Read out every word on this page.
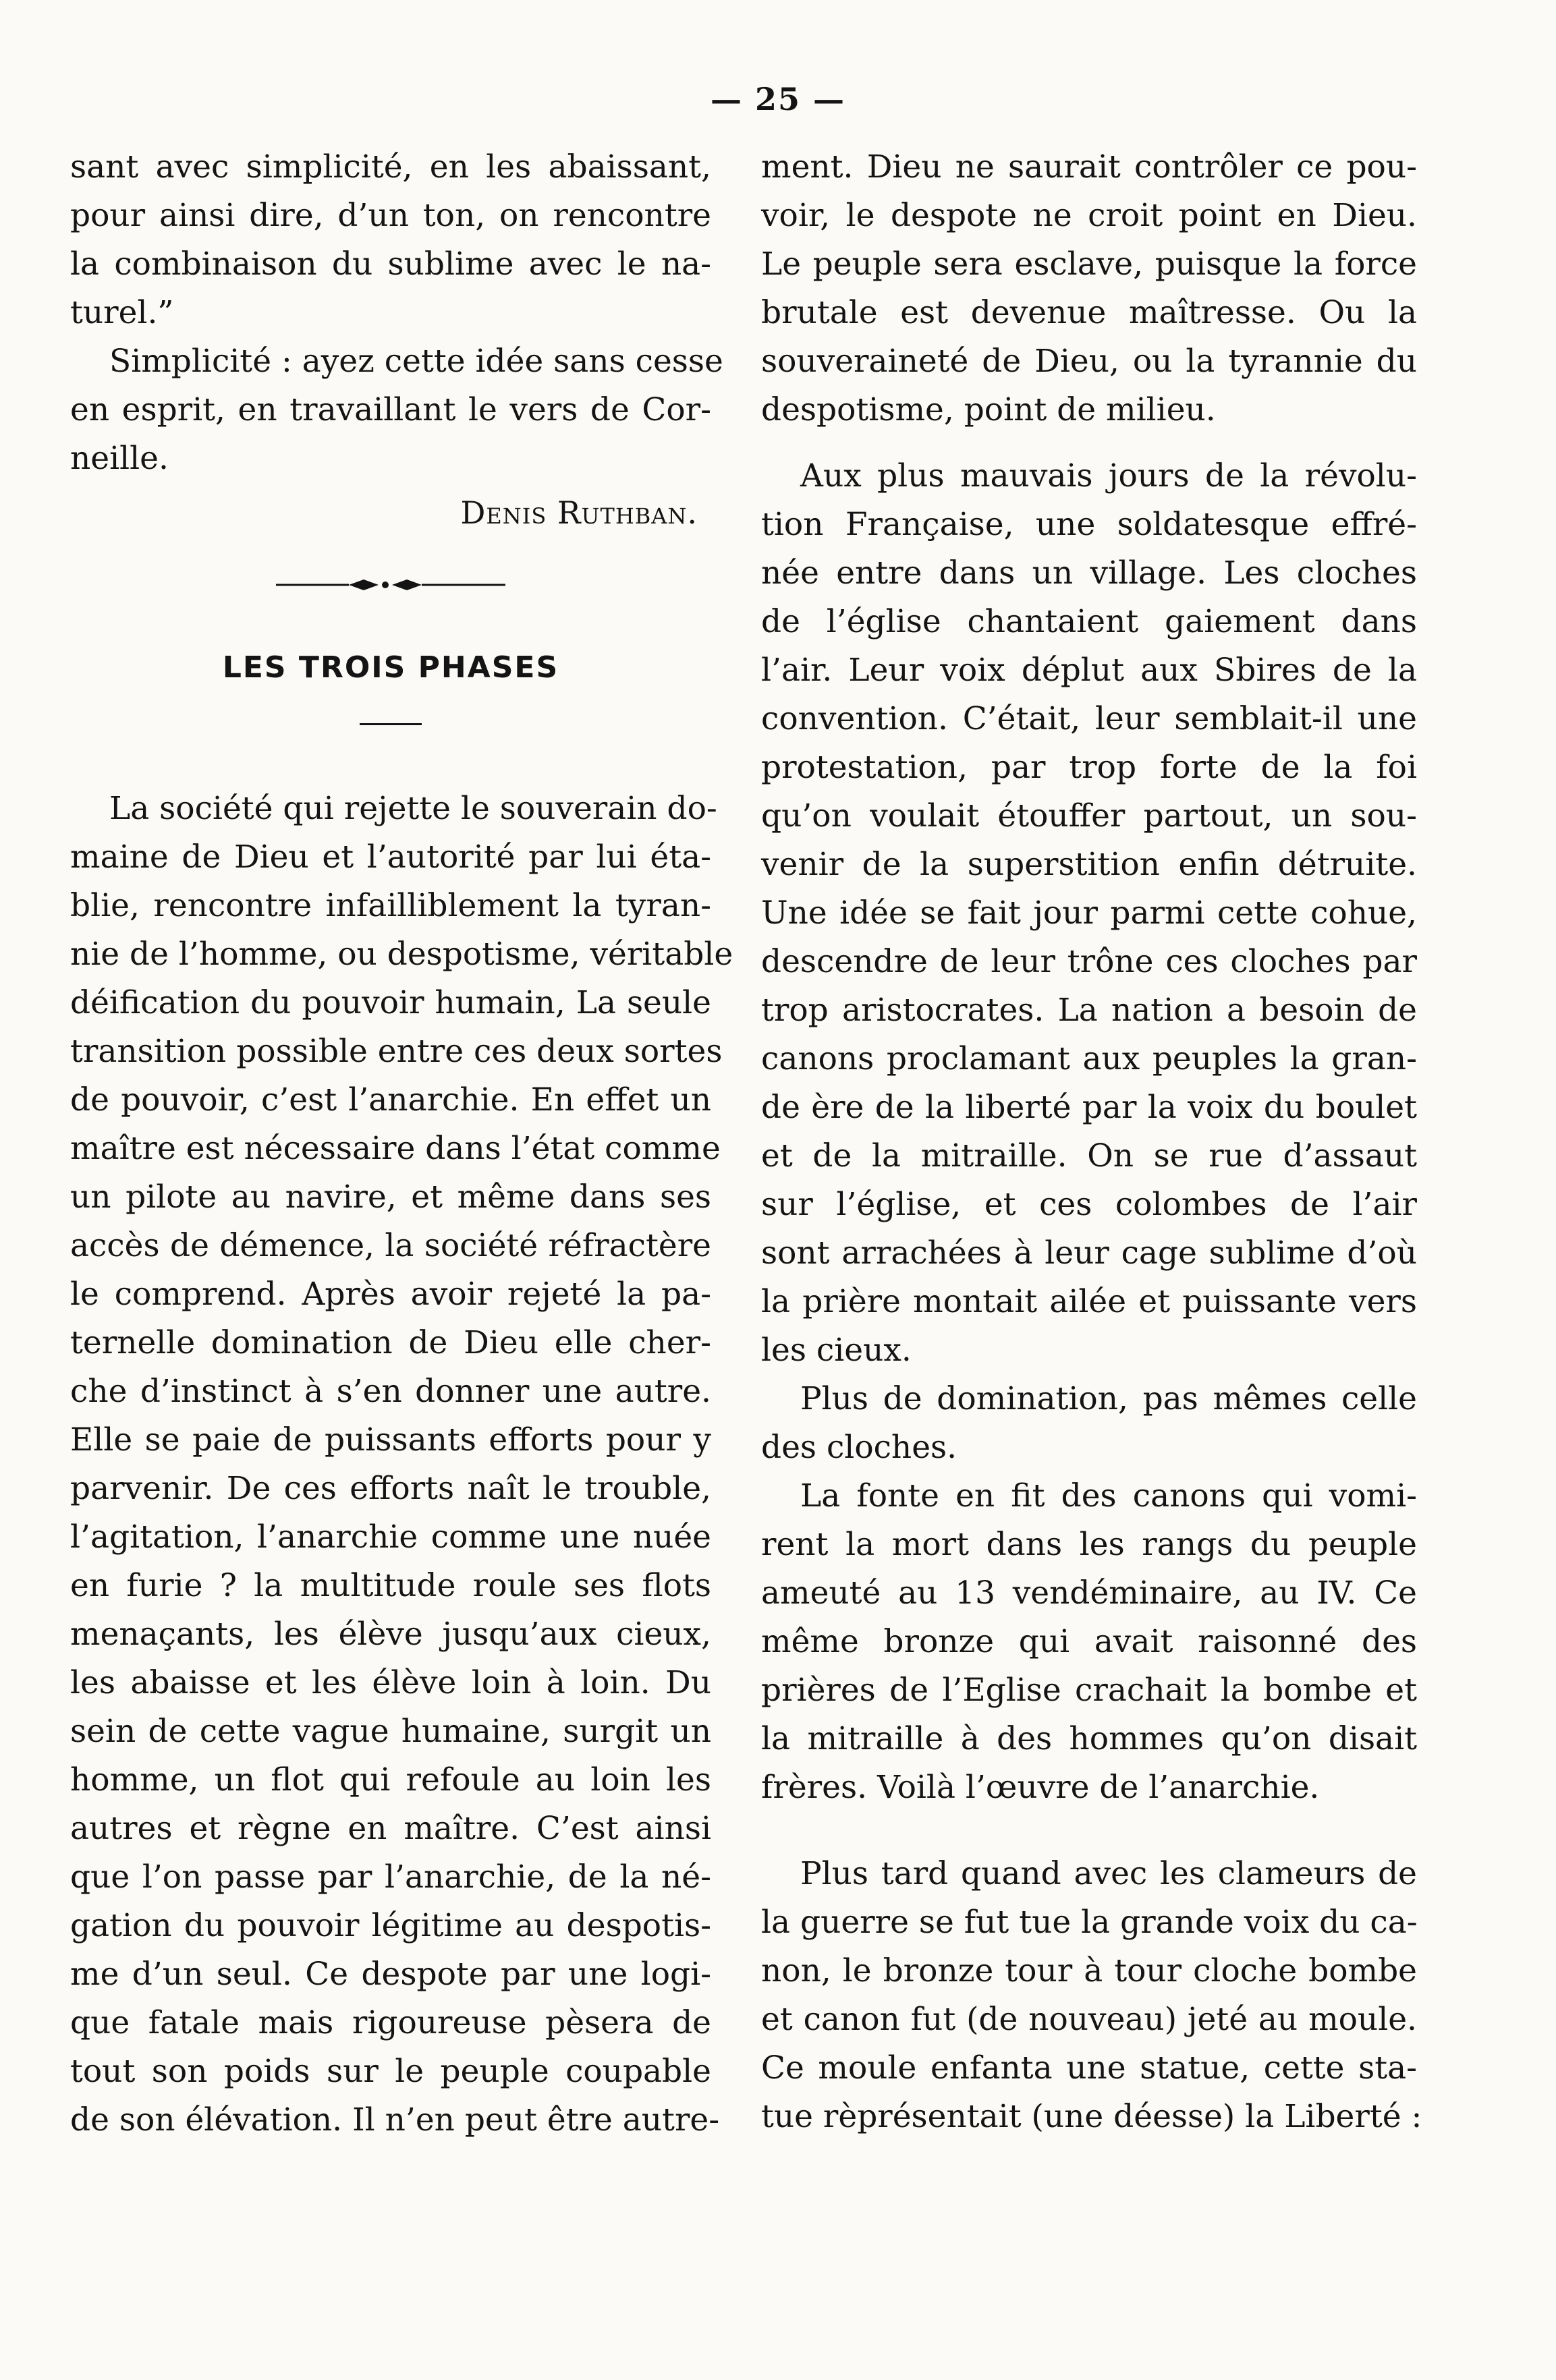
— 25 —
sant avec simplicité, en les abaissant,
pour ainsi dire, d’un ton, on rencontre
la combinaison du sublime avec le na-
turel.”
Simplicité : ayez cette idée sans cesse
en esprit, en travaillant le vers de Cor-
neille.
Denis Ruthban.
LES TROIS PHASES
La société qui rejette le souverain do-
maine de Dieu et l’autorité par lui éta-
blie, rencontre infailliblement la tyran-
nie de l’homme, ou despotisme, véritable
déification du pouvoir humain, La seule
transition possible entre ces deux sortes
de pouvoir, c’est l’anarchie. En effet un
maître est nécessaire dans l’état comme
un pilote au navire, et même dans ses
accès de démence, la société réfractère
le comprend. Après avoir rejeté la pa-
ternelle domination de Dieu elle cher-
che d’instinct à s’en donner une autre.
Elle se paie de puissants efforts pour y
parvenir. De ces efforts naît le trouble,
l’agitation, l’anarchie comme une nuée
en furie ? la multitude roule ses flots
menaçants, les élève jusqu’aux cieux,
les abaisse et les élève loin à loin. Du
sein de cette vague humaine, surgit un
homme, un flot qui refoule au loin les
autres et règne en maître. C’est ainsi
que l’on passe par l’anarchie, de la né-
gation du pouvoir légitime au despotis-
me d’un seul. Ce despote par une logi-
que fatale mais rigoureuse pèsera de
tout son poids sur le peuple coupable
de son élévation. Il n’en peut être autre-
ment. Dieu ne saurait contrôler ce pou-
voir, le despote ne croit point en Dieu.
Le peuple sera esclave, puisque la force
brutale est devenue maîtresse. Ou la
souveraineté de Dieu, ou la tyrannie du
despotisme, point de milieu.
Aux plus mauvais jours de la révolu-
tion Française, une soldatesque effré-
née entre dans un village. Les cloches
de l’église chantaient gaiement dans
l’air. Leur voix déplut aux Sbires de la
convention. C’était, leur semblait-il une
protestation, par trop forte de la foi
qu’on voulait étouffer partout, un sou-
venir de la superstition enfin détruite.
Une idée se fait jour parmi cette cohue,
descendre de leur trône ces cloches par
trop aristocrates. La nation a besoin de
canons proclamant aux peuples la gran-
de ère de la liberté par la voix du boulet
et de la mitraille. On se rue d’assaut
sur l’église, et ces colombes de l’air
sont arrachées à leur cage sublime d’où
la prière montait ailée et puissante vers
les cieux.
Plus de domination, pas mêmes celle
des cloches.
La fonte en fit des canons qui vomi-
rent la mort dans les rangs du peuple
ameuté au 13 vendéminaire, au IV. Ce
même bronze qui avait raisonné des
prières de l’Eglise crachait la bombe et
la mitraille à des hommes qu’on disait
frères. Voilà l’œuvre de l’anarchie.
Plus tard quand avec les clameurs de
la guerre se fut tue la grande voix du ca-
non, le bronze tour à tour cloche bombe
et canon fut (de nouveau) jeté au moule.
Ce moule enfanta une statue, cette sta-
tue rèprésentait (une déesse) la Liberté :
